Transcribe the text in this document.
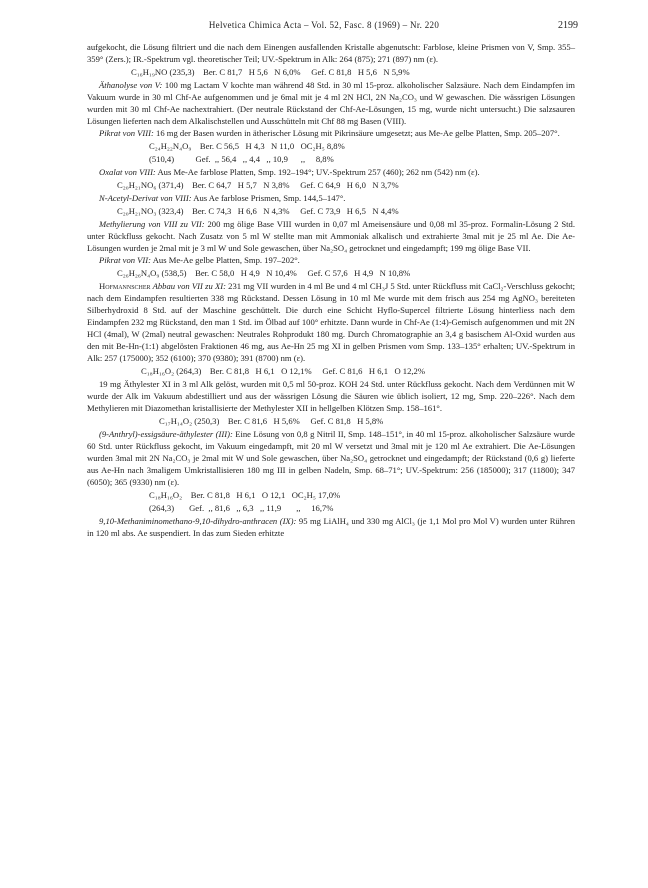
Helvetica Chimica Acta – Vol. 52, Fasc. 8 (1969) – Nr. 220	2199

aufgekocht, die Lösung filtriert und die nach dem Einengen ausfallenden Kristalle abgenutscht: Farblose, kleine Prismen von V, Smp. 355–359° (Zers.); IR.-Spektrum vgl. theoretischer Teil; UV.-Spektrum in Alk: 264 (875); 271 (897) nm (ε).

C₁₆H₁₉NO (235,3)    Ber. C 81,7   H 5,6   N 6,0%     Gef. C 81,8   H 5,6   N 5,9%

Äthanolyse von V: 100 mg Lactam V kochte man während 48 Std. in 30 ml 15-proz. alkoholischer Salzsäure. Nach dem Eindampfen im Vakuum wurde in 30 ml Chf-Ae aufgenommen und je 6mal mit je 4 ml 2N HCl, 2N Na₂CO₃ und W gewaschen. Die wässrigen Lösungen wurden mit 30 ml Chf-Ae nachextrahiert. (Der neutrale Rückstand der Chf-Ae-Lösungen, 15 mg, wurde nicht untersucht.) Die salzsauren Lösungen lieferten nach dem Alkalischstellen und Ausschütteln mit Chf 88 mg Basen (VIII).

Pikrat von VIII: 16 mg der Basen wurden in ätherischer Lösung mit Pikrinsäure umgesetzt; aus Me-Ae gelbe Platten, Smp. 205–207°.

C₂₄H₂₂N₄O₉    Ber. C 56,5   H 4,3   N 11,0   OC₂H₅ 8,8%
(510,4)          Gef.  ,, 56,4   ,, 4,4   ,, 10,9      ,,     8,8%

Oxalat von VIII: Aus Me-Ae farblose Platten, Smp. 192–194°; UV.-Spektrum 257 (460); 262 nm (542) nm (ε).

C₂₀H₂₁NO₆ (371,4)    Ber. C 64,7   H 5,7   N 3,8%     Gef. C 64,9   H 6,0   N 3,7%

N-Acetyl-Derivat von VIII: Aus Ae farblose Prismen, Smp. 144,5–147°.

C₂₀H₂₁NO₃ (323,4)    Ber. C 74,3   H 6,6   N 4,3%     Gef. C 73,9   H 6,5   N 4,4%

Methylierung von VIII zu VII: 200 mg ölige Base VIII wurden in 0,07 ml Ameisensäure und 0,08 ml 35-proz. Formalin-Lösung 2 Std. unter Rückfluss gekocht. Nach Zusatz von 5 ml W stellte man mit Ammoniak alkalisch und extrahierte 3mal mit je 25 ml Ae. Die Ae-Lösungen wurden je 2mal mit je 3 ml W und Sole gewaschen, über Na₂SO₄ getrocknet und eingedampft; 199 mg ölige Base VII.

Pikrat von VII: Aus Me-Ae gelbe Platten, Smp. 197–202°.

C₂₆H₂₆N₄O₉ (538,5)    Ber. C 58,0   H 4,9   N 10,4%     Gef. C 57,6   H 4,9   N 10,8%

Hofmannscher Abbau von VII zu XI: 231 mg VII wurden in 4 ml Be und 4 ml CH₃J 5 Std. unter Rückfluss mit CaCl₂-Verschluss gekocht; nach dem Eindampfen resultierten 338 mg Rückstand. Dessen Lösung in 10 ml Me wurde mit dem frisch aus 254 mg AgNO₃ bereiteten Silberhydroxid 8 Std. auf der Maschine geschüttelt. Die durch eine Schicht Hyflo-Supercel filtrierte Lösung hinterliess nach dem Eindampfen 232 mg Rückstand, den man 1 Std. im Ölbad auf 100° erhitzte. Dann wurde in Chf-Ae (1:4)-Gemisch aufgenommen und mit 2N HCl (4mal), W (2mal) neutral gewaschen: Neutrales Rohprodukt 180 mg. Durch Chromatographie an 3,4 g basischem Al-Oxid wurden aus den mit Be-Hn-(1:1) abgelösten Fraktionen 46 mg, aus Ae-Hn 25 mg XI in gelben Prismen vom Smp. 133–135° erhalten; UV.-Spektrum in Alk: 257 (175000); 352 (6100); 370 (9380); 391 (8700) nm (ε).

C₁₈H₁₆O₂ (264,3)    Ber. C 81,8   H 6,1   O 12,1%     Gef. C 81,6   H 6,1   O 12,2%

19 mg Äthylester XI in 3 ml Alk gelöst, wurden mit 0,5 ml 50-proz. KOH 24 Std. unter Rückfluss gekocht. Nach dem Verdünnen mit W wurde der Alk im Vakuum abdestilliert und aus der wässrigen Lösung die Säuren wie üblich isoliert, 12 mg, Smp. 220–226°. Nach dem Methylieren mit Diazomethan kristallisierte der Methylester XII in hellgelben Klötzen Smp. 158–161°.

C₁₇H₁₄O₂ (250,3)    Ber. C 81,6   H 5,6%     Gef. C 81,8   H 5,8%

(9-Anthryl)-essigsäure-äthylester (III): Eine Lösung von 0,8 g Nitril II, Smp. 148–151°, in 40 ml 15-proz. alkoholischer Salzsäure wurde 60 Std. unter Rückfluss gekocht, im Vakuum eingedampft, mit 20 ml W versetzt und 3mal mit je 120 ml Ae extrahiert. Die Ae-Lösungen wurden 3mal mit 2N Na₂CO₃ je 2mal mit W und Sole gewaschen, über Na₂SO₄ getrocknet und eingedampft; der Rückstand (0,6 g) lieferte aus Ae-Hn nach 3maligem Umkristallisieren 180 mg III in gelben Nadeln, Smp. 68–71°; UV.-Spektrum: 256 (185000); 317 (11800); 347 (6050); 365 (9330) nm (ε).

C₁₈H₁₆O₂    Ber. C 81,8   H 6,1   O 12,1   OC₂H₅ 17,0%
(264,3)       Gef.  ,, 81,6   ,, 6,3   ,, 11,9       ,,     16,7%

9,10-Methaniminomethano-9,10-dihydro-anthracen (IX): 95 mg LiAlH₄ und 330 mg AlCl₃ (je 1,1 Mol pro Mol V) wurden unter Rühren in 120 ml abs. Ae suspendiert. In das zum Sieden erhitzte
